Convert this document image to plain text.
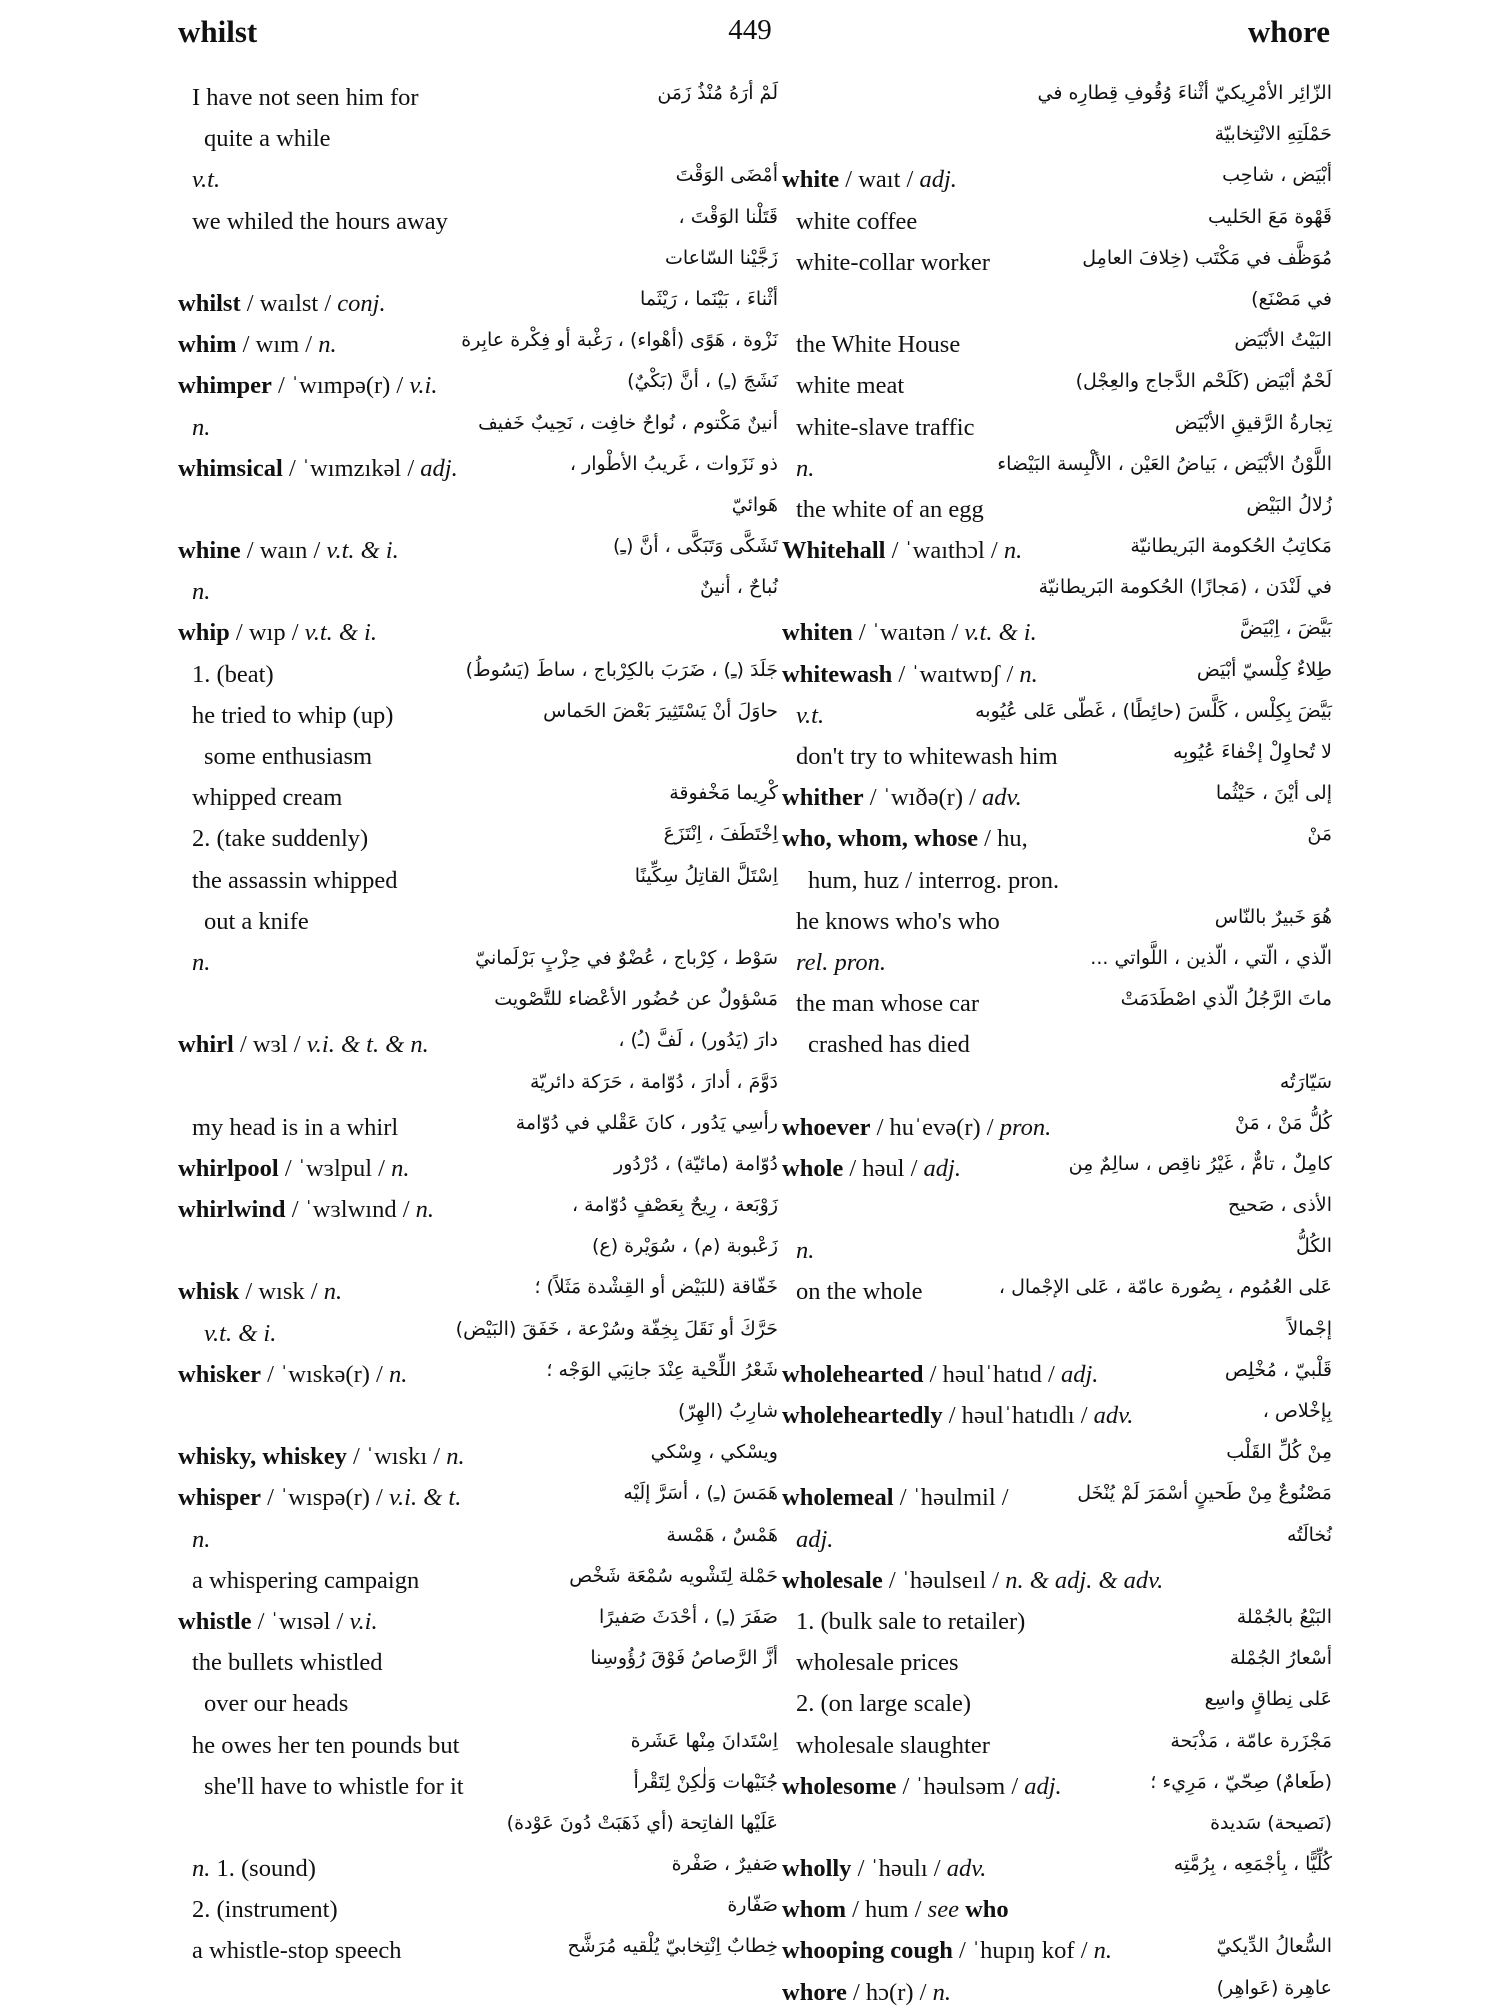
whilst	449	whore
I have not seen him for	لَمْ أرَهُ مُنْذُ زَمَن
quite a while
v.t.	أمْضَى الوَقْتَ
we whiled the hours away	قَتَلْنا الوَقْتَ ،
زَجَّيْنا السّاعات
whilst / waılst / conj.	أثْناءَ ، بَيْنَما ، رَيْثَما
whim / wım / n.	نَزْوة ، هَوًى (أهْواء) ، رَغْبة أو فِكْرة عابِرة
whimper / ˈwımpə(r) / v.i.	نَشَجَ (ـِ) ، أنَّ (بَكْيٌ)
n.	أنينٌ مَكْتوم ، نُواحٌ خافِت ، نَحِيبٌ خَفيف
whimsical / ˈwımzıkəl / adj.	ذو نَزَوات ، غَريبُ الأطْوار ،
هَوائيّ
whine / waın / v.t. & i.	تَشَكَّى وَتَبَكَّى ، أنَّ (ـِ)
n.	نُباحٌ ، أنينٌ
whip / wıp / v.t. & i.
1. (beat)	جَلَدَ (ـِ) ، ضَرَبَ بالكِرْباج ، ساطَ (يَسُوطُ)
he tried to whip (up)	حاوَلَ أنْ يَسْتَثِيرَ بَعْضَ الحَماس
some enthusiasm
whipped cream	كْرِيما مَخْفوقة
2. (take suddenly)	اِخْتَطَفَ ، اِنْتَزَعَ
the assassin whipped	اِسْتَلَّ القاتِلُ سِكِّينًا
out a knife
n.	سَوْط ، كِرْباج ، عُضْوٌ في حِزْبٍ بَرْلَمانيّ
مَسْؤولٌ عن حُضُور الأعْضاء للتَّصْويت
whirl / wɜl / v.i. & t. & n.	دارَ (يَدُور) ، لَفَّ (ـُ) ،
دَوَّمَ ، أدارَ ، دُوّامة ، حَرَكة دائريّة
my head is in a whirl	رأسِي يَدُور ، كانَ عَقْلي في دُوّامة
whirlpool / ˈwɜlpul / n.	دُوّامة (مائيّة) ، دُرْدُور
whirlwind / ˈwɜlwınd / n.	زَوْبَعة ، رِيحٌ بِعَصْفٍ دُوّامة ،
زَعْبوبة (م) ، سُوَيْرة (ع)
whisk / wısk / n.	خَفّاقة (للبَيْض أو القِشْدة مَثَلاً) ؛
v.t. & i.	حَرَّكَ أو نَقَلَ بِخِفّة وسُرْعة ، خَفَقَ (البَيْض)
whisker / ˈwıskə(r) / n.	شَعْرُ اللِّحْية عِنْدَ جانِبَي الوَجْه ؛
شارِبُ (الهِرّ)
whisky, whiskey / ˈwıskı / n.	ويسْكي ، وِسْكي
whisper / ˈwıspə(r) / v.i. & t.	هَمَسَ (ـِ) ، أسَرَّ إلَيْه
n.	هَمْسٌ ، هَمْسة
a whispering campaign	حَمْلة لِتَشْويه سُمْعَة شَخْص
whistle / ˈwısəl / v.i.	صَفَرَ (ـِ) ، أحْدَثَ صَفيرًا
the bullets whistled	أزَّ الرَّصاصُ فَوْقَ رُؤُوسِنا
over our heads
he owes her ten pounds but	اِسْتَدانَ مِنْها عَشَرة
she'll have to whistle for it	جُنَيْهات وَلٰكِنْ لِتَقْرأ
عَلَيْها الفاتِحة (أي ذَهَبَتْ دُونَ عَوْدة)
n. 1. (sound)	صَفيرٌ ، صَفْرة
2. (instrument)	صَفّارة
a whistle-stop speech	خِطابٌ اِنْتِخابيّ يُلْقيه مُرَشَّح
الزّائِر الأمْرِيكيّ أثْناءَ وُقُوفِ قِطارِه في
حَمْلَتِهِ الانْتِخابيّة
white / waıt / adj.	أبْيَض ، شاحِب
white coffee	قَهْوة مَعَ الحَليب
white-collar worker	مُوَظَّف في مَكْتَب (خِلافَ العامِل
في مَصْنَع)
the White House	البَيْتُ الأبْيَض
white meat	لَحْمٌ أبْيَض (كَلَحْم الدَّجاج والعِجْل)
white-slave traffic	تِجارةُ الرَّقيقِ الأبْيَض
n.	اللَّوْنُ الأبْيَض ، بَياضُ العَيْن ، الألْبِسة البَيْضاء
the white of an egg	زُلالُ البَيْض
Whitehall / ˈwaıthɔl / n.	مَكاتِبُ الحُكومة البَريطانيّة
في لَنْدَن ، (مَجازًا) الحُكومة البَريطانيّة
whiten / ˈwaıtən / v.t. & i.	بَيَّضَ ، اِبْيَضَّ
whitewash / ˈwaıtwɒʃ / n.	طِلاءٌ كِلْسيّ أبْيَض
v.t.	بَيَّضَ بِكِلْس ، كَلَّسَ (حائِطًا) ، غَطّى عَلى عُيُوبه
don't try to whitewash him	لا تُحاوِلْ إخْفاءَ عُيُوبِه
whither / ˈwıðə(r) / adv.	إلى أيْنَ ، حَيْثُما
who, whom, whose / hu,	مَنْ
hum, huz / interrog. pron.
he knows who's who	هُوَ خَبيرٌ بالنّاس
rel. pron.	الّذي ، الّتي ، الّذين ، اللَّواتي ...
the man whose car	ماتَ الرَّجُلُ الّذي اصْطَدَمَتْ
crashed has died
سَيّارَتُه
whoever / huˈevə(r) / pron.	كُلُّ مَنْ ، مَنْ
whole / həul / adj.	كامِلٌ ، تامٌّ ، غَيْرُ ناقِص ، سالِمٌ مِن
الأذى ، صَحيح
n.	الكُلُّ
on the whole	عَلى العُمُوم ، بِصُورة عامّة ، عَلى الإجْمال ،
إجْمالاً
wholehearted / həulˈhatıd / adj.	قَلْبيّ ، مُخْلِص
wholeheartedly / həulˈhatıdlı / adv.	بِإخْلاص ،
مِنْ كُلِّ القَلْب
wholemeal / ˈhəulmil /	مَصْنُوعٌ مِنْ طَحينٍ أسْمَرَ لَمْ يُنْخَل
adj.	نُخالَتُه
wholesale / ˈhəulseıl / n. & adj. & adv.
1. (bulk sale to retailer)	البَيْعُ بالجُمْلة
wholesale prices	أسْعارُ الجُمْلة
2. (on large scale)	عَلى نِطاقٍ واسِع
wholesale slaughter	مَجْزَرة عامّة ، مَذْبَحة
wholesome / ˈhəulsəm / adj.	(طَعامٌ) صِحّيّ ، مَرِيء ؛
(نَصيحة) سَديدة
wholly / ˈhəulı / adv.	كُلِّيًّا ، بِأجْمَعِه ، بِرُمَّتِه
whom / hum / see who
whooping cough / ˈhupıŋ kof / n.	السُّعالُ الدِّيكيّ
whore / hɔ(r) / n.	عاهِرة (عَواهِر)
